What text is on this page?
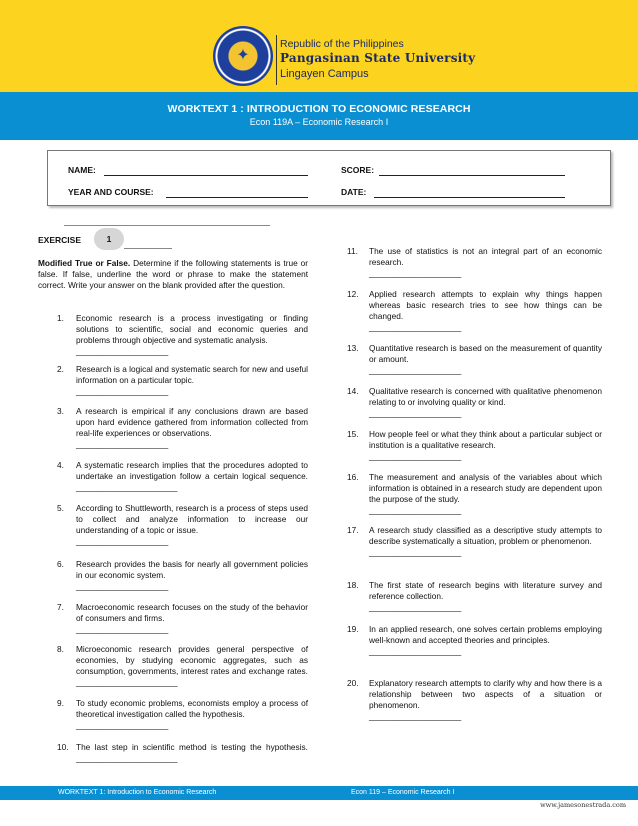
✦
Republic of the Philippines
Pangasinan State University
Lingayen Campus
WORKTEXT 1 : INTRODUCTION TO ECONOMIC RESEARCH
Econ 119A – Economic Research I
NAME:	SCORE:
YEAR AND COURSE:	DATE:
EXERCISE	1
Modified True or False. Determine if the following statements is true or false. If false, underline the word or phrase to make the statement correct. Write your answer on the blank provided after the question.
1. Economic research is a process investigating or finding solutions to scientific, social and economic queries and problems through objective and systematic analysis.
____________________
2. Research is a logical and systematic search for new and useful information on a particular topic.
____________________
3. A research is empirical if any conclusions drawn are based upon hard evidence gathered from information collected from real-life experiences or observations.
____________________
4. A systematic research implies that the procedures adopted to undertake an investigation follow a certain logical sequence. ______________________
5. According to Shuttleworth, research is a process of steps used to collect and analyze information to increase our understanding of a topic or issue.
____________________
6. Research provides the basis for nearly all government policies in our economic system.
____________________
7. Macroeconomic research focuses on the study of the behavior of consumers and firms.
____________________
8. Microeconomic research provides general perspective of economies, by studying economic aggregates, such as consumption, governments, interest rates and exchange rates. ______________________
9. To study economic problems, economists employ a process of theoretical investigation called the hypothesis.
____________________
10. The last step in scientific method is testing the hypothesis. ______________________
11. The use of statistics is not an integral part of an economic research.
____________________
12. Applied research attempts to explain why things happen whereas basic research tries to see how things can be changed.
____________________
13. Quantitative research is based on the measurement of quantity or amount.
____________________
14. Qualitative research is concerned with qualitative phenomenon relating to or involving quality or kind.
____________________
15. How people feel or what they think about a particular subject or institution is a qualitative research.
____________________
16. The measurement and analysis of the variables about which information is obtained in a research study are dependent upon the purpose of the study.
____________________
17. A research study classified as a descriptive study attempts to describe systematically a situation, problem or phenomenon.
____________________
18. The first state of research begins with literature survey and reference collection.
____________________
19. In an applied research, one solves certain problems employing well-known and accepted theories and principles.
____________________
20. Explanatory research attempts to clarify why and how there is a relationship between two aspects of a situation or phenomenon.
____________________
WORKTEXT 1: Introduction to Economic Research	Econ 119 – Economic Research I
www.jamesonestrada.com
